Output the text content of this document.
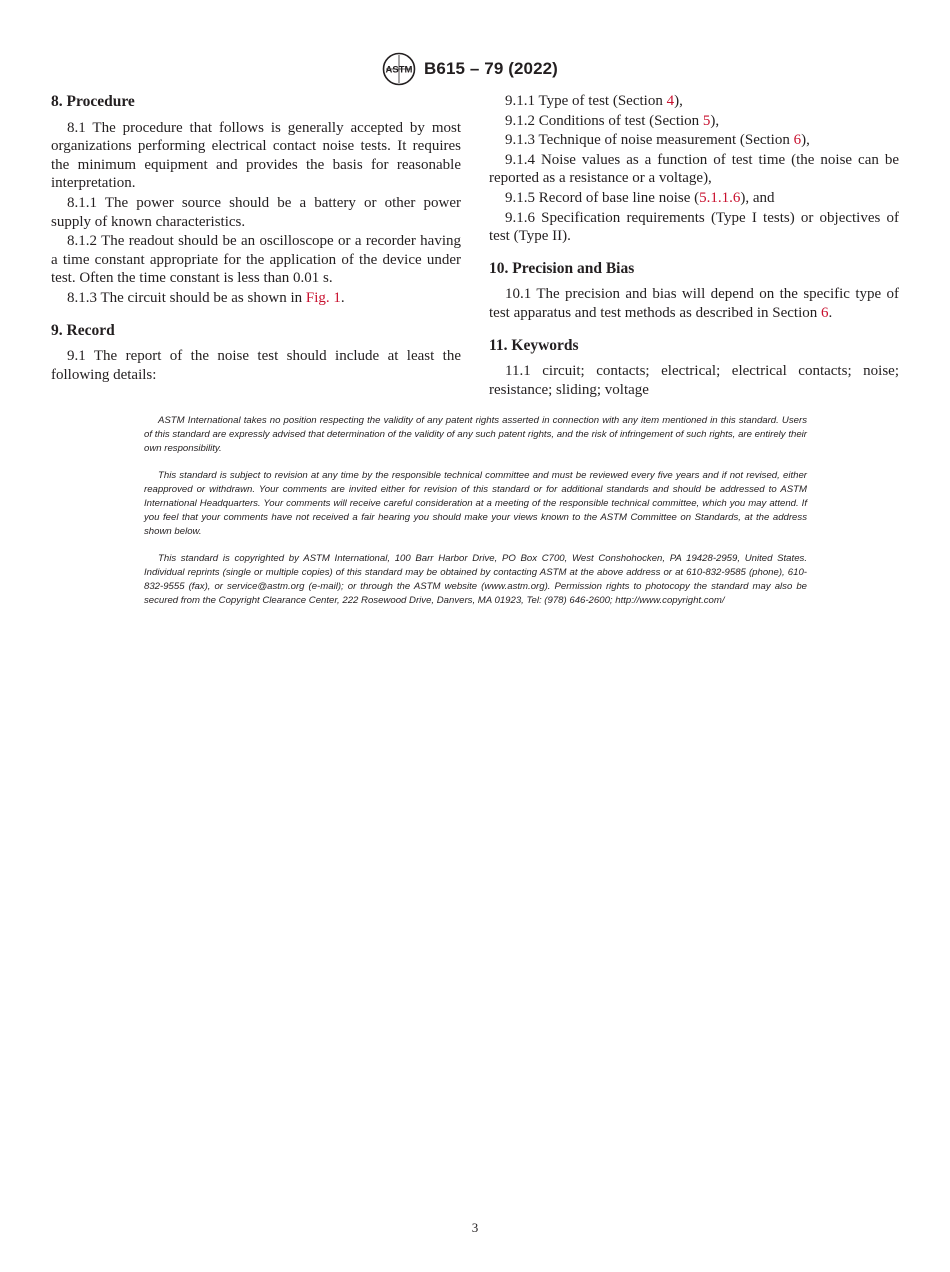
ASTM B615 – 79 (2022)
8. Procedure

8.1 The procedure that follows is generally accepted by most organizations performing electrical contact noise tests. It requires the minimum equipment and provides the basis for reasonable interpretation.

8.1.1 The power source should be a battery or other power supply of known characteristics.

8.1.2 The readout should be an oscilloscope or a recorder having a time constant appropriate for the application of the device under test. Often the time constant is less than 0.01 s.

8.1.3 The circuit should be as shown in Fig. 1.

9. Record

9.1 The report of the noise test should include at least the following details:

9.1.1 Type of test (Section 4),

9.1.2 Conditions of test (Section 5),

9.1.3 Technique of noise measurement (Section 6),

9.1.4 Noise values as a function of test time (the noise can be reported as a resistance or a voltage),

9.1.5 Record of base line noise (5.1.1.6), and

9.1.6 Specification requirements (Type I tests) or objectives of test (Type II).

10. Precision and Bias

10.1 The precision and bias will depend on the specific type of test apparatus and test methods as described in Section 6.

11. Keywords

11.1 circuit; contacts; electrical; electrical contacts; noise; resistance; sliding; voltage

ASTM International takes no position respecting the validity of any patent rights asserted in connection with any item mentioned in this standard. Users of this standard are expressly advised that determination of the validity of any such patent rights, and the risk of infringement of such rights, are entirely their own responsibility.

This standard is subject to revision at any time by the responsible technical committee and must be reviewed every five years and if not revised, either reapproved or withdrawn. Your comments are invited either for revision of this standard or for additional standards and should be addressed to ASTM International Headquarters. Your comments will receive careful consideration at a meeting of the responsible technical committee, which you may attend. If you feel that your comments have not received a fair hearing you should make your views known to the ASTM Committee on Standards, at the address shown below.

This standard is copyrighted by ASTM International, 100 Barr Harbor Drive, PO Box C700, West Conshohocken, PA 19428-2959, United States. Individual reprints (single or multiple copies) of this standard may be obtained by contacting ASTM at the above address or at 610-832-9585 (phone), 610-832-9555 (fax), or service@astm.org (e-mail); or through the ASTM website (www.astm.org). Permission rights to photocopy the standard may also be secured from the Copyright Clearance Center, 222 Rosewood Drive, Danvers, MA 01923, Tel: (978) 646-2600; http://www.copyright.com/

3
